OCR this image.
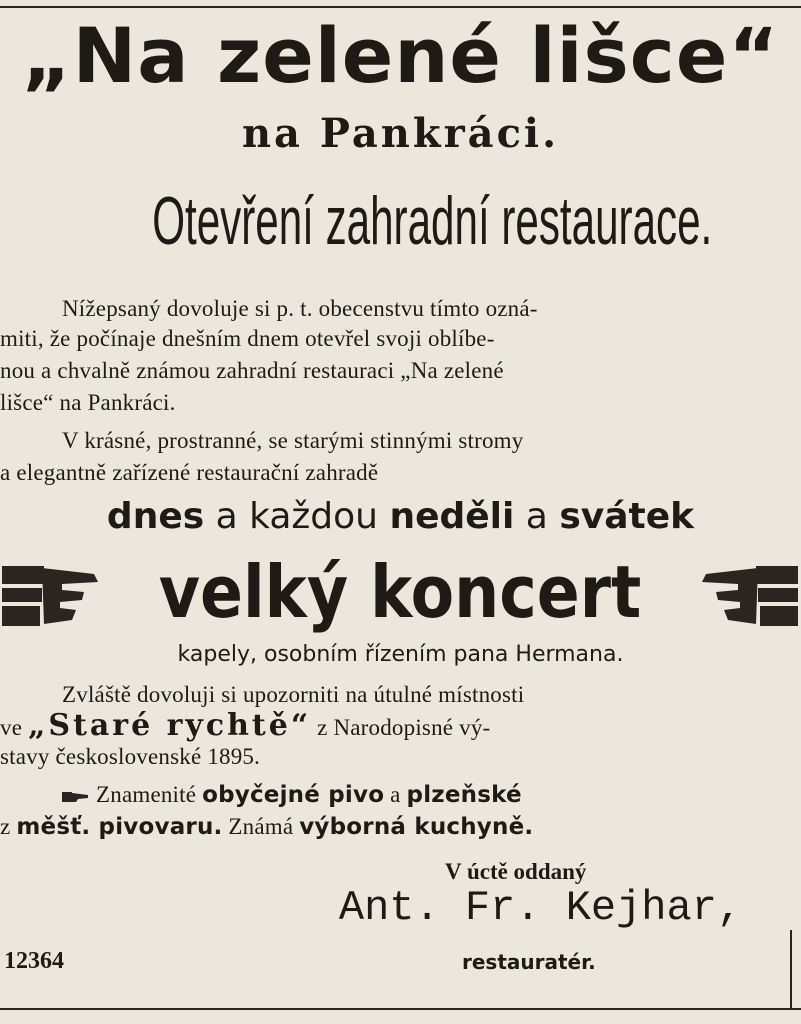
„Na zelené lišce“
na Pankráci.
Otevření zahradní restaurace.
Nížepsaný dovoluje si p. t. obecenstvu tímto ozná-
miti, že počínaje dnešním dnem otevřel svoji oblíbe-
nou a chvalně známou zahradní restauraci „Na zelené
lišce“ na Pankráci.
V krásné, prostranné, se starými stinnými stromy
a elegantně zařízené restaurační zahradě
dnes a každou neděli a svátek
velký koncert
kapely, osobním řízením pana Hermana.
Zvláště dovoluji si upozorniti na útulné místnosti
ve „Staré rychtě“ z Narodopisné vý-
stavy československé 1895.
Znamenité obyčejné pivo a plzeňské
z měšť. pivovaru. Známá výborná kuchyně.
V úctě oddaný
Ant. Fr. Kejhar,
12364	restauratér.
